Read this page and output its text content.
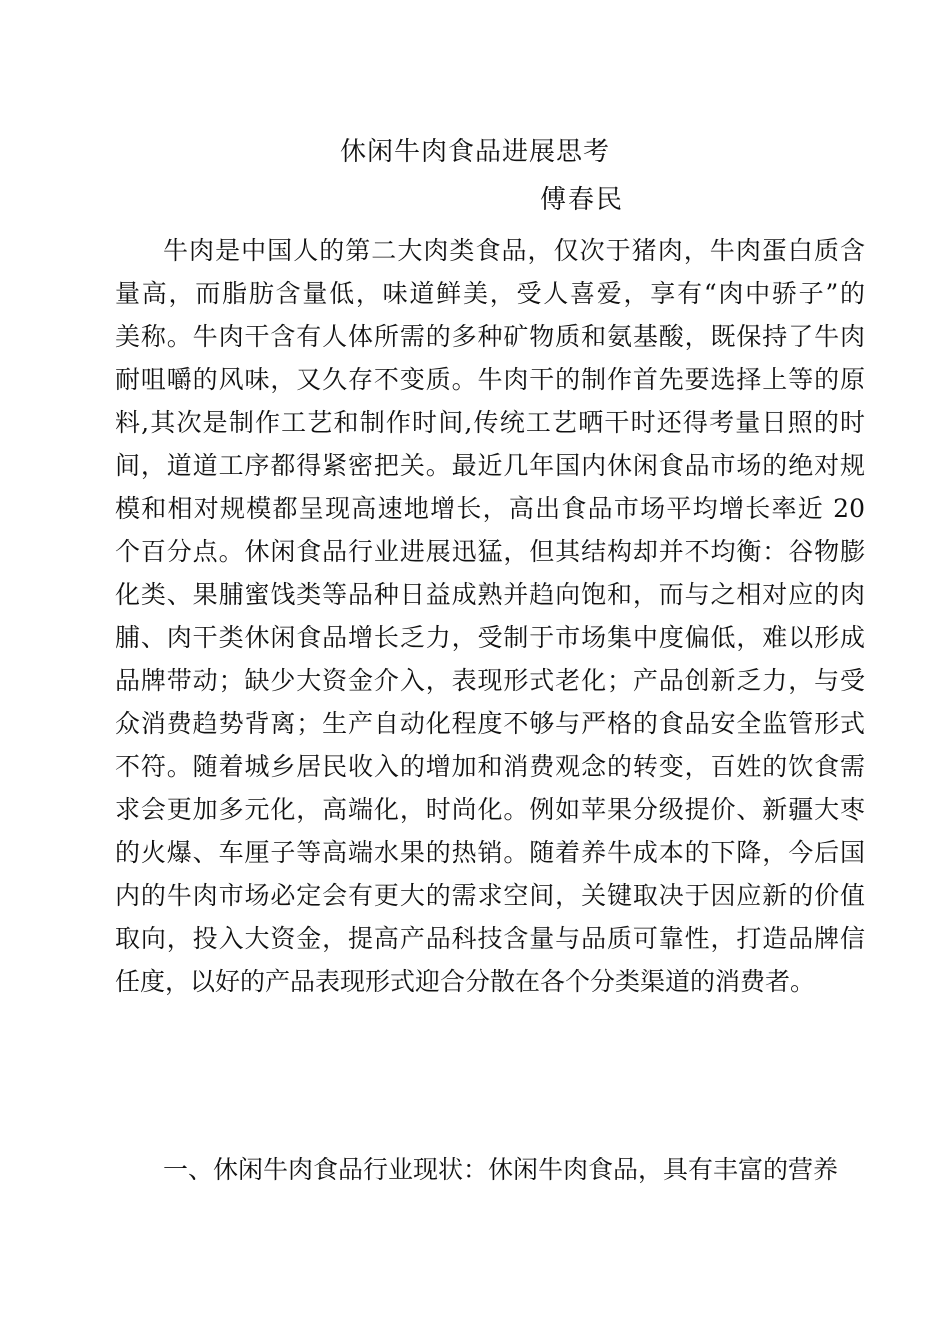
休闲牛肉食品进展思考
傅春民
牛肉是中国人的第二大肉类食品，仅次于猪肉，牛肉蛋白质含
量高，而脂肪含量低，味道鲜美，受人喜爱，享有“肉中骄子”的
美称。牛肉干含有人体所需的多种矿物质和氨基酸，既保持了牛肉
耐咀嚼的风味，又久存不变质。牛肉干的制作首先要选择上等的原
料,其次是制作工艺和制作时间,传统工艺晒干时还得考量日照的时
间，道道工序都得紧密把关。最近几年国内休闲食品市场的绝对规
模和相对规模都呈现高速地增长，高出食品市场平均增长率近 20
个百分点。休闲食品行业进展迅猛，但其结构却并不均衡：谷物膨
化类、果脯蜜饯类等品种日益成熟并趋向饱和，而与之相对应的肉
脯、肉干类休闲食品增长乏力，受制于市场集中度偏低，难以形成
品牌带动；缺少大资金介入，表现形式老化；产品创新乏力，与受
众消费趋势背离；生产自动化程度不够与严格的食品安全监管形式
不符。随着城乡居民收入的增加和消费观念的转变，百姓的饮食需
求会更加多元化，高端化，时尚化。例如苹果分级提价、新疆大枣
的火爆、车厘子等高端水果的热销。随着养牛成本的下降，今后国
内的牛肉市场必定会有更大的需求空间，关键取决于因应新的价值
取向，投入大资金，提高产品科技含量与品质可靠性，打造品牌信
任度，以好的产品表现形式迎合分散在各个分类渠道的消费者。
一、休闲牛肉食品行业现状：休闲牛肉食品，具有丰富的营养
